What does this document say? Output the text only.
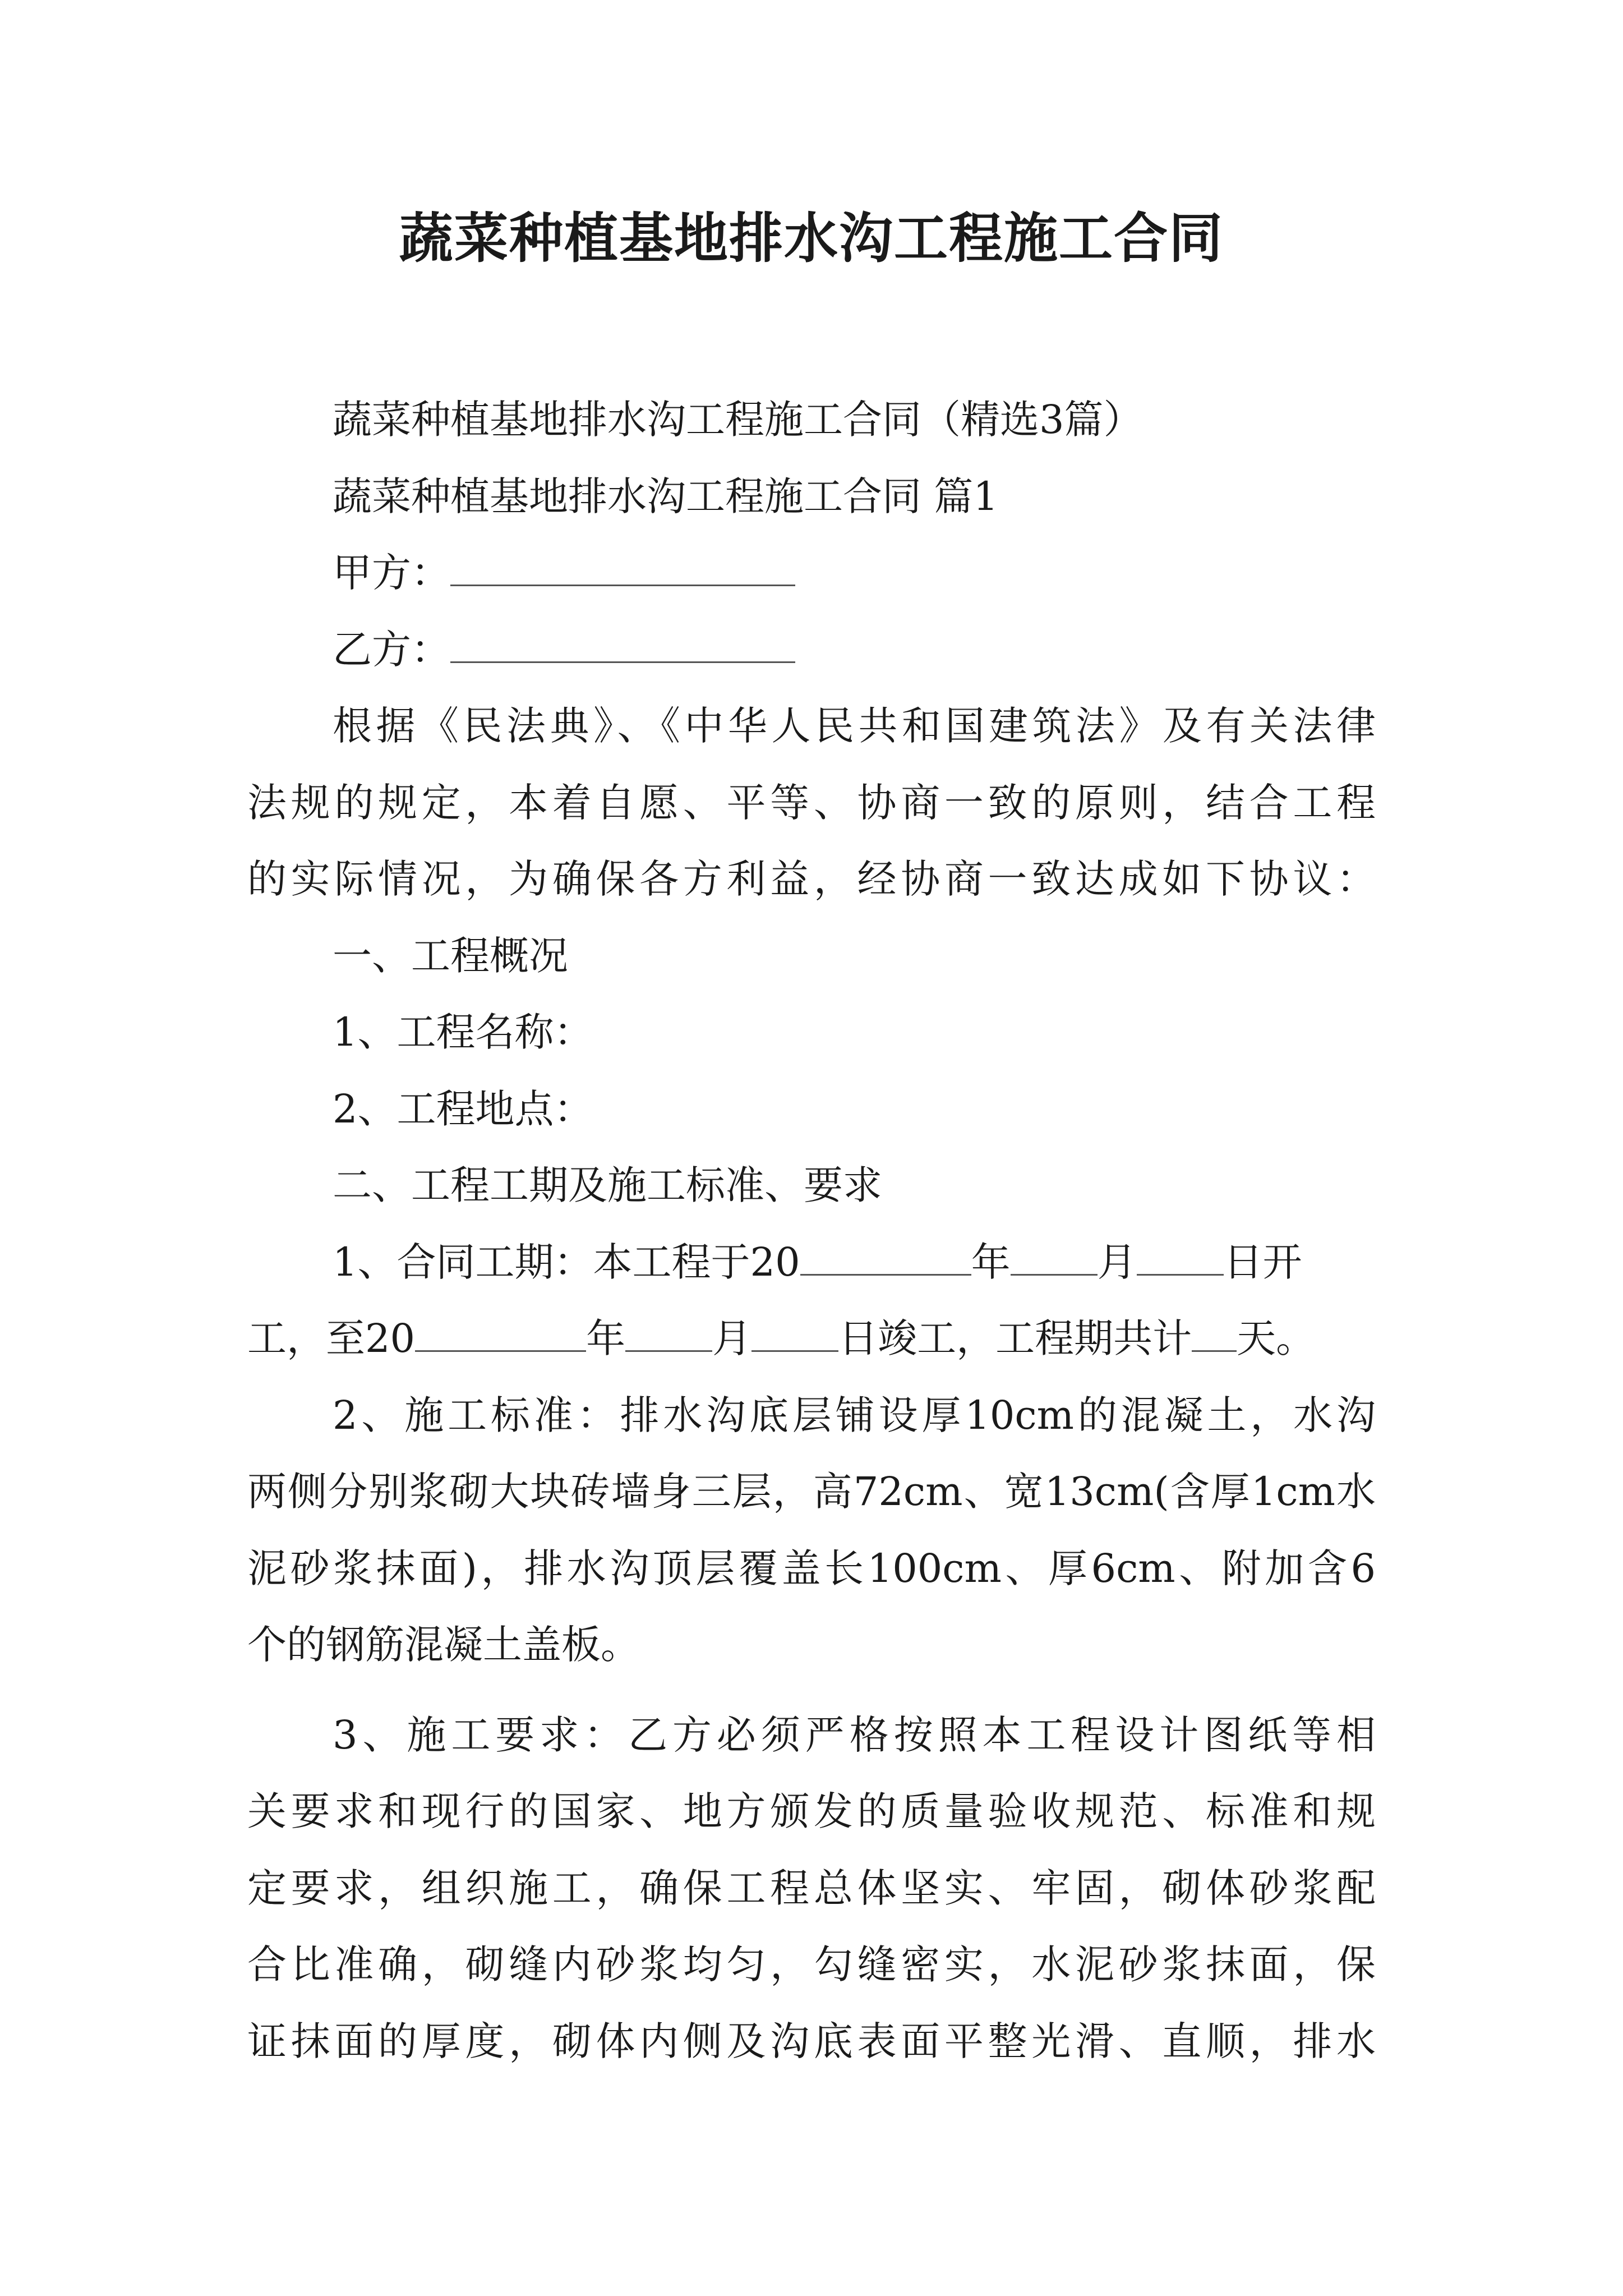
蔬菜种植基地排水沟工程施工合同
蔬菜种植基地排水沟工程施工合同（精选3篇）
蔬菜种植基地排水沟工程施工合同 篇1
甲方：
乙方：
根据《民法典》、《中华人民共和国建筑法》及有关法律
法规的规定，本着自愿、平等、协商一致的原则，结合工程
的实际情况，为确保各方利益，经协商一致达成如下协议：
一、工程概况
1、工程名称：
2、工程地点：
二、工程工期及施工标准、要求
1、合同工期：本工程于20	年 月 日开
工，至20	年 月 日竣工，工程期共计 天。
2、施工标准：排水沟底层铺设厚10cm的混凝土，水沟
两侧分别浆砌大块砖墙身三层，高72cm、宽13cm(含厚1cm水
泥砂浆抹面)，排水沟顶层覆盖长100cm、厚6cm、附加含6
个的钢筋混凝土盖板。
3、施工要求：乙方必须严格按照本工程设计图纸等相
关要求和现行的国家、地方颁发的质量验收规范、标准和规
定要求，组织施工，确保工程总体坚实、牢固，砌体砂浆配
合比准确，砌缝内砂浆均匀，勾缝密实，水泥砂浆抹面，保
证抹面的厚度，砌体内侧及沟底表面平整光滑、直顺，排水
